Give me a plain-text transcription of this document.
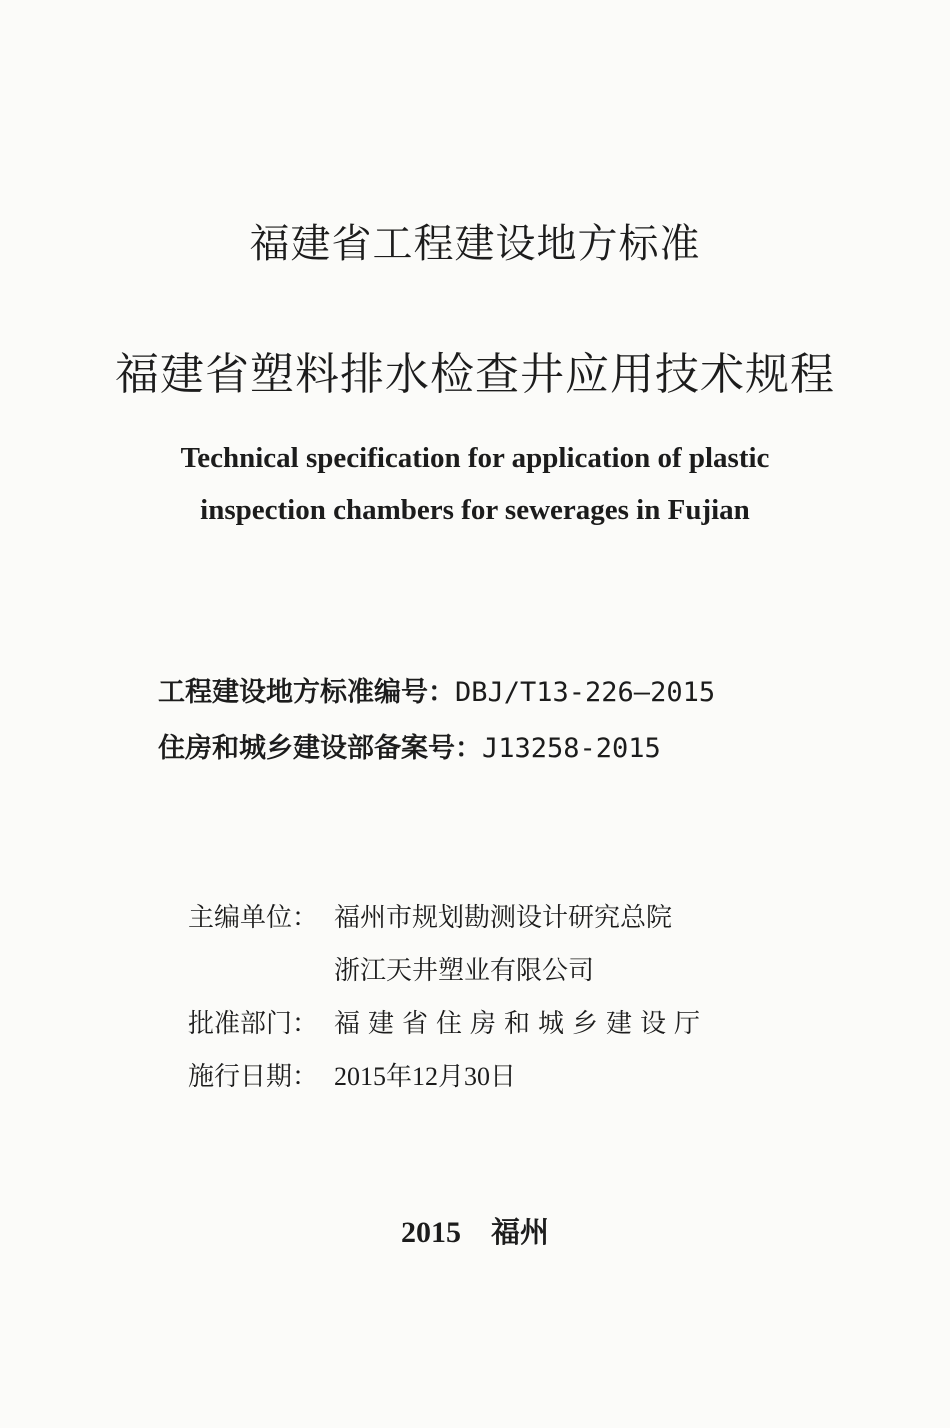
福建省工程建设地方标准
福建省塑料排水检查井应用技术规程
Technical specification for application of plastic
inspection chambers for sewerages in Fujian
工程建设地方标准编号：DBJ/T13-226—2015
住房和城乡建设部备案号：J13258-2015
主编单位： 福州市规划勘测设计研究总院
浙江天井塑业有限公司
批准部门： 福建省住房和城乡建设厅
施行日期： 2015年12月30日
2015 福州
